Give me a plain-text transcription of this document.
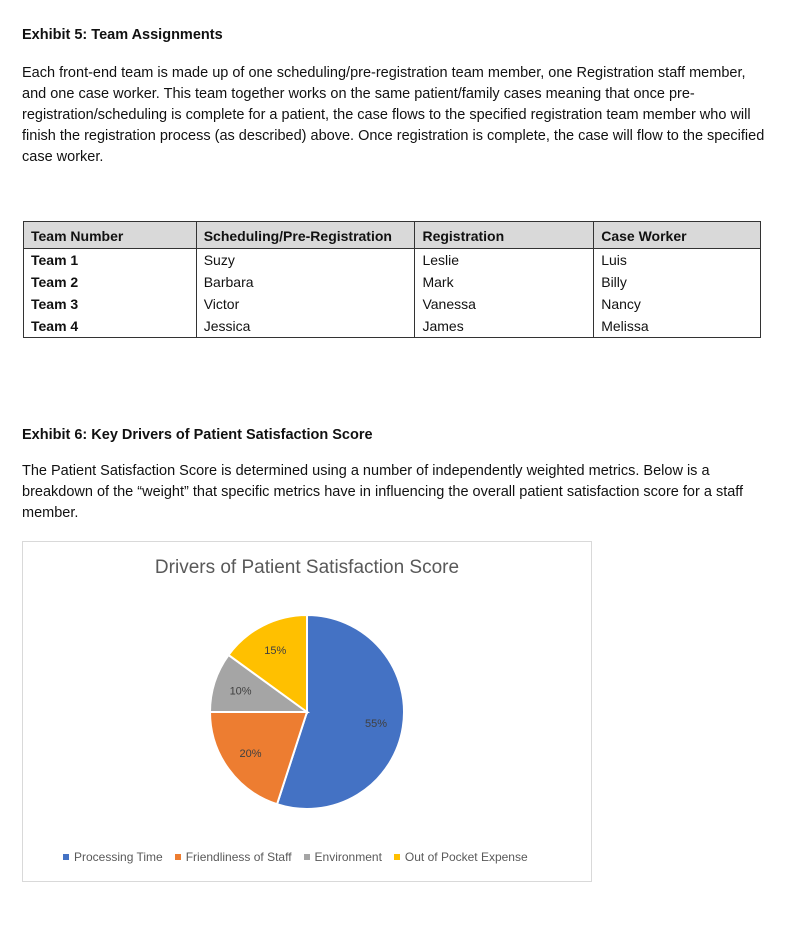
Exhibit 5: Team Assignments
Each front-end team is made up of one scheduling/pre-registration team member, one Registration staff member, and one case worker. This team together works on the same patient/family cases meaning that once pre-registration/scheduling is complete for a patient, the case flows to the specified registration team member who will finish the registration process (as described) above. Once registration is complete, the case will flow to the specified case worker.
Team Number	Scheduling/Pre-Registration	Registration	Case Worker
Team 1	Suzy	Leslie	Luis
Team 2	Barbara	Mark	Billy
Team 3	Victor	Vanessa	Nancy
Team 4	Jessica	James	Melissa
Exhibit 6: Key Drivers of Patient Satisfaction Score
The Patient Satisfaction Score is determined using a number of independently weighted metrics. Below is a breakdown of the “weight” that specific metrics have in influencing the overall patient satisfaction score for a staff member.
Drivers of Patient Satisfaction Score
55%
20%
10%
15%
Processing Time Friendliness of Staff Environment Out of Pocket Expense
